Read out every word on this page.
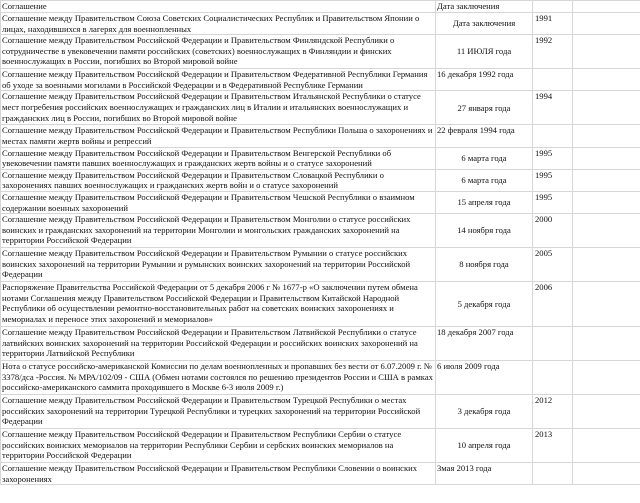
Соглашение	Дата заключения		
Соглашение между Правительством Союза Советских Социалистических Республик и Правительством Японии о лицах, находившихся в лагерях для военнопленных	Дата заключения	1991	
Соглашение между Правительством Российской Федерации и Правительством Финляндской Республики о сотрудничестве в увековечении памяти российских (советских) военнослужащих в Финляндии и финских военнослужащих в России, погибших во Второй мировой войне	11 ИЮЛЯ года	1992	
Соглашение между Правительством Российской Федерации и Правительством Федеративной Республики Германия об уходе за военными могилами в Российской Федерации и в Федеративной Республике Германии	16 декабря 1992 года		
Соглашение между Правительством Российской Федерации и Правительством Итальянской Республики о статусе мест погребения российских военнослужащих и гражданских лиц в Италии и итальянских военнослужащих и гражданских лиц в России, погибших во Второй мировой войне	27 января года	1994	
Соглашение между Правительством Российской Федерации и Правительством Республики Польша о захоронениях и местах памяти жертв войны и репрессий	22 февраля 1994 года		
Соглашение между Правительством Российской Федерации и Правительством Венгерской Республики об увековечении памяти павших военнослужащих и гражданских жертв войны и о статусе захоронений	6 марта года	1995	
Соглашение между Правительством Российской Федерации и Правительством Словацкой Республики о захоронениях павших военнослужащих и гражданских жертв войн и о статусе захоронений	6 марта года	1995	
Соглашение между Правительством Российской Федерации и Правительством Чешской Республики о взаимном содержании военных захоронений	15 апреля года	1995	
Соглашение между Правительством Российской Федерации и Правительством Монголии о статусе российских воинских и гражданских захоронений на территории Монголии и монгольских гражданских захоронений на территории Российской Федерации	14 ноября года	2000	
Соглашение между Правительством Российской Федерации и Правительством Румынии о статусе российских воинских захоронений на территории Румынии и румынских воинских захоронений на территории Российской Федерации	8 ноября года	2005	
Распоряжение Правительства Российской Федерации от 5 декабря 2006 г № 1677-р «О заключении путем обмена нотами Соглашения между Правительством Российской Федерации и Правительством Китайской Народной Республики об осуществлении ремонтно-восстановительных работ на советских воинских захоронениях и мемориалах и переносе этих захоронений и мемориалов»	5 декабря года	2006	
Соглашение между Правительством Российской Федерации и Правительством Латвийской Республики о статусе латвийских воинских захоронений на территории Российской Федерации и российских воинских захоронений на территории Латвийской Республики	18 декабря 2007 года		
Нота о статусе российско-американской Комиссии по делам военнопленных и пропавших без вести от 6.07.2009 г. № 3378/дса -Россия. № МРА/102/09 - США (Обмен нотами состоялся по решению президентов России и США в рамках российско-американского саммита проходившего в Москве 6-3 июля 2009 г.)	6 июля 2009 года		
Соглашение между Правительством Российской Федерации и Правительством Турецкой Республики о местах российских захоронений на территории Турецкой Республики и турецких захоронений на территории Российской Федерации	3 декабря года	2012	
Соглашение между Правительством Российской Федерации и Правительством Республики Сербии о статусе российских воинских мемориалов на территории Республики Сербии и сербских воинских мемориалов на территории Российской Федерации	10 апреля года	2013	
Соглашение между Правительством Российской Федерации и Правительством Республики Словении о воинских захоронениях	3мая 2013 года		
